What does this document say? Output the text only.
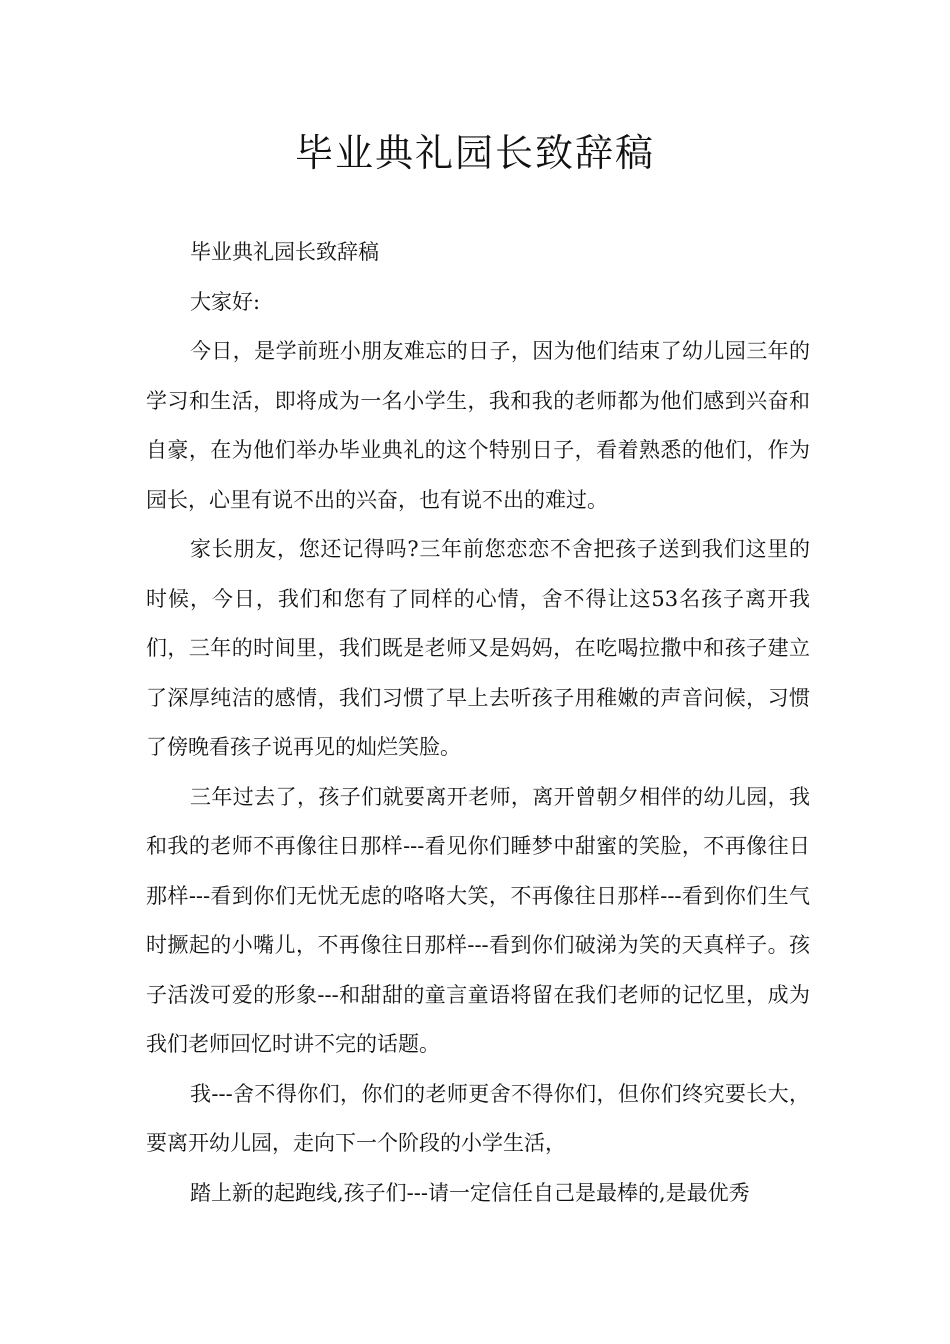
毕业典礼园长致辞稿

毕业典礼园长致辞稿

大家好:

今日，是学前班小朋友难忘的日子，因为他们结束了幼儿园三年的学习和生活，即将成为一名小学生，我和我的老师都为他们感到兴奋和自豪，在为他们举办毕业典礼的这个特别日子，看着熟悉的他们，作为园长，心里有说不出的兴奋，也有说不出的难过。

家长朋友，您还记得吗?三年前您恋恋不舍把孩子送到我们这里的时候，今日，我们和您有了同样的心情，舍不得让这53名孩子离开我们，三年的时间里，我们既是老师又是妈妈，在吃喝拉撒中和孩子建立了深厚纯洁的感情，我们习惯了早上去听孩子用稚嫩的声音问候，习惯了傍晚看孩子说再见的灿烂笑脸。

三年过去了，孩子们就要离开老师，离开曾朝夕相伴的幼儿园，我和我的老师不再像往日那样---看见你们睡梦中甜蜜的笑脸，不再像往日那样---看到你们无忧无虑的咯咯大笑，不再像往日那样---看到你们生气时撅起的小嘴儿，不再像往日那样---看到你们破涕为笑的天真样子。孩子活泼可爱的形象---和甜甜的童言童语将留在我们老师的记忆里，成为我们老师回忆时讲不完的话题。

我---舍不得你们，你们的老师更舍不得你们，但你们终究要长大，要离开幼儿园，走向下一个阶段的小学生活，

踏上新的起跑线,孩子们---请一定信任自己是最棒的,是最优秀
